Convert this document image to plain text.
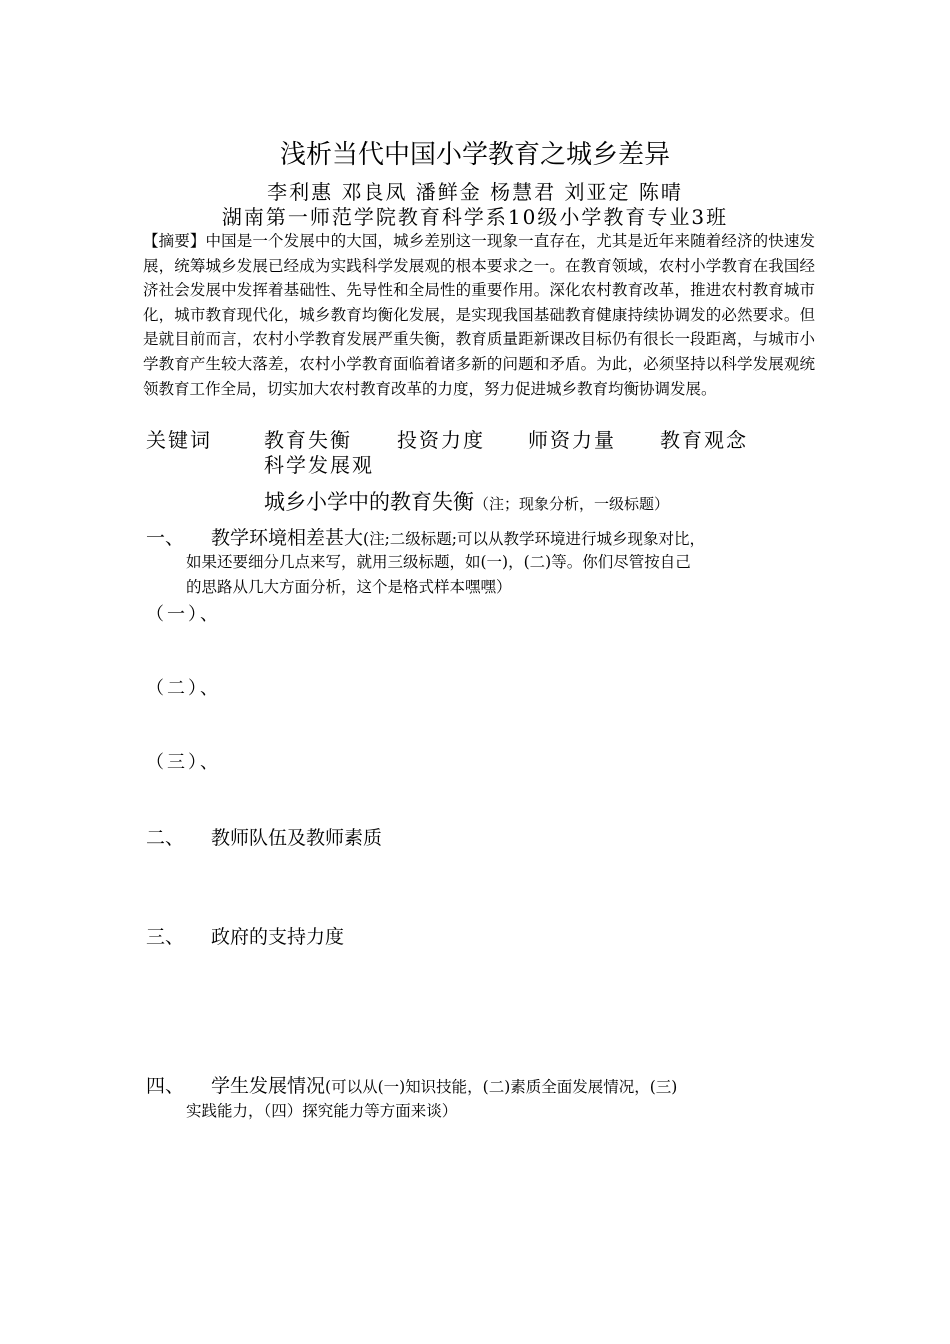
浅析当代中国小学教育之城乡差异
李利惠 邓良凤 潘鲜金 杨慧君 刘亚定 陈晴
湖南第一师范学院教育科学系10级小学教育专业3班
【摘要】中国是一个发展中的大国，城乡差别这一现象一直存在，尤其是近年来随着经济的快速发展，统筹城乡发展已经成为实践科学发展观的根本要求之一。在教育领域，农村小学教育在我国经济社会发展中发挥着基础性、先导性和全局性的重要作用。深化农村教育改革，推进农村教育城市化，城市教育现代化，城乡教育均衡化发展，是实现我国基础教育健康持续协调发的必然要求。但是就目前而言，农村小学教育发展严重失衡，教育质量距新课改目标仍有很长一段距离，与城市小学教育产生较大落差，农村小学教育面临着诸多新的问题和矛盾。为此，必须坚持以科学发展观统领教育工作全局，切实加大农村教育改革的力度，努力促进城乡教育均衡协调发展。
关键词	教育失衡 投资力度 师资力量 教育观念
科学发展观
城乡小学中的教育失衡（注；现象分析，一级标题）
一、 教学环境相差甚大(注;二级标题;可以从教学环境进行城乡现象对比，
如果还要细分几点来写，就用三级标题，如(一)，(二)等。你们尽管按自己
的思路从几大方面分析，这个是格式样本嘿嘿）
（一）、
（二）、
（三）、
二、 教师队伍及教师素质
三、 政府的支持力度
四、 学生发展情况(可以从(一)知识技能，(二)素质全面发展情况，(三)
实践能力，（四）探究能力等方面来谈）
